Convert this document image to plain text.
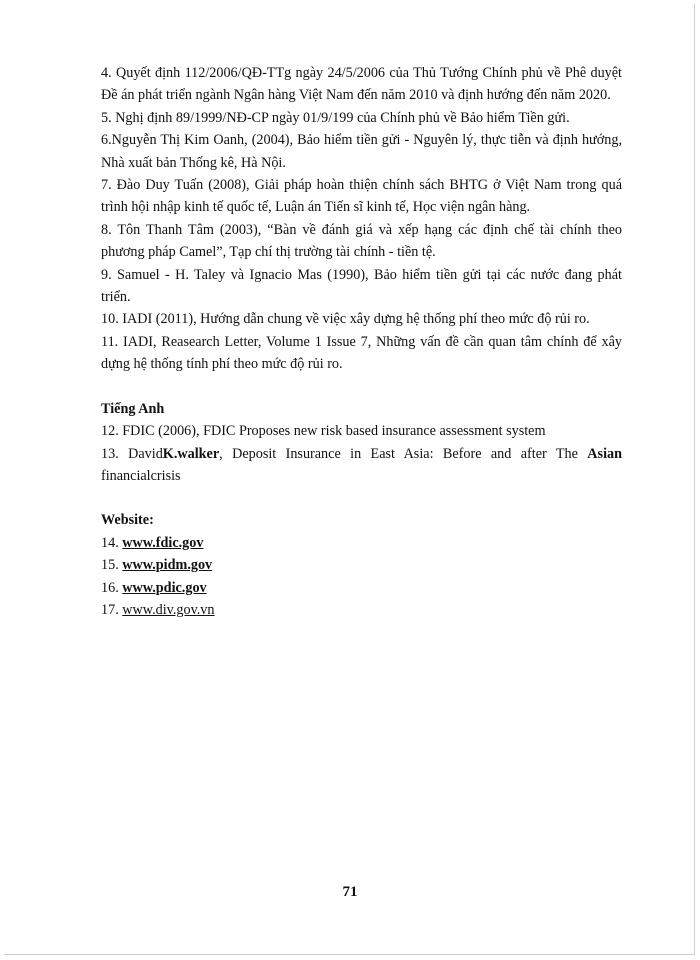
4. Quyết định 112/2006/QĐ-TTg ngày 24/5/2006 của Thủ Tướng Chính phủ về Phê duyệt Đề án phát triển ngành Ngân hàng Việt Nam đến năm 2010 và định hướng đến năm 2020.

5. Nghị định 89/1999/NĐ-CP ngày 01/9/199 của Chính phủ về Bảo hiểm Tiền gửi.

6.Nguyễn Thị Kim Oanh, (2004), Bảo hiểm tiền gửi - Nguyên lý, thực tiễn và định hướng, Nhà xuất bản Thống kê, Hà Nội.

7. Đào Duy Tuấn (2008), Giải pháp hoàn thiện chính sách BHTG ở Việt Nam trong quá trình hội nhập kinh tế quốc tế, Luận án Tiến sĩ kinh tế, Học viện ngân hàng.

8. Tôn Thanh Tâm (2003), “Bàn về đánh giá và xếp hạng các định chế tài chính theo phương pháp Camel”, Tạp chí thị trường tài chính - tiền tệ.

9. Samuel - H. Taley và Ignacio Mas (1990), Bảo hiểm tiền gửi tại các nước đang phát triển.

10. IADI (2011), Hướng dẫn chung về việc xây dựng hệ thống phí theo mức độ rủi ro.

11. IADI, Reasearch Letter, Volume 1 Issue 7, Những vấn đề cần quan tâm chính để xây dựng hệ thống tính phí theo mức độ rủi ro.

Tiếng Anh

12. FDIC (2006), FDIC Proposes new risk based insurance assessment system

13. DavidK.walker, Deposit Insurance in East Asia: Before and after The Asian financialcrisis

Website:

14. www.fdic.gov

15. www.pidm.gov

16. www.pdic.gov

17. www.div.gov.vn

71
